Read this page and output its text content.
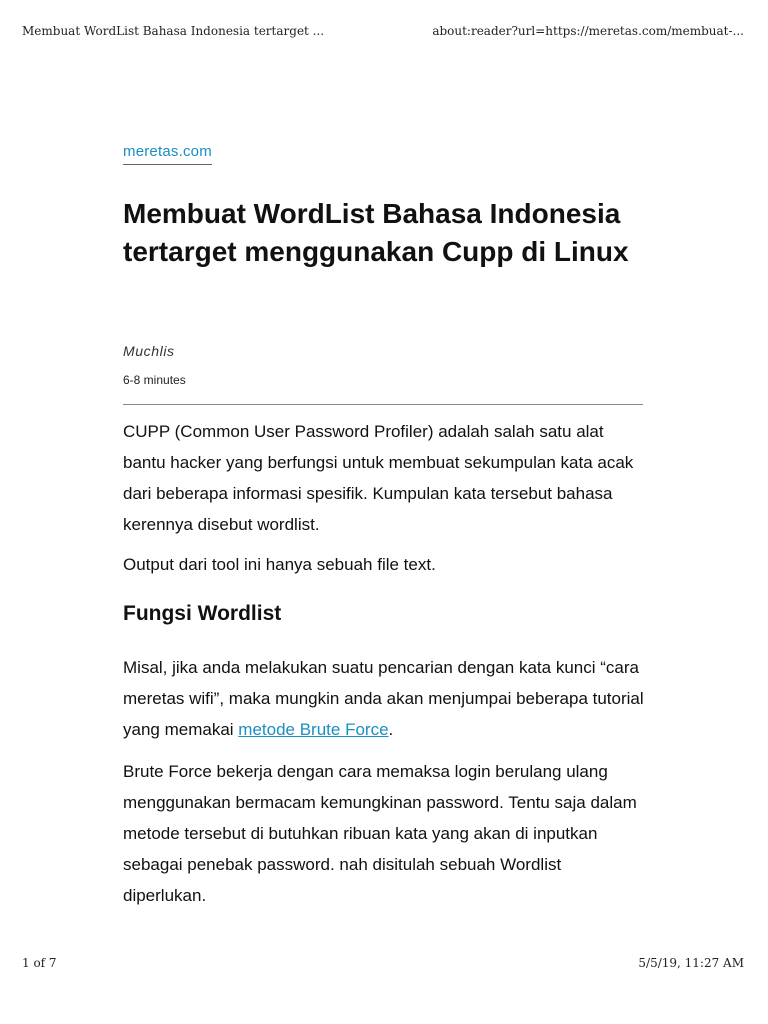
Membuat WordList Bahasa Indonesia tertarget ...	about:reader?url=https://meretas.com/membuat-...
meretas.com
Membuat WordList Bahasa Indonesia tertarget menggunakan Cupp di Linux
Muchlis
6-8 minutes

CUPP (Common User Password Profiler) adalah salah satu alat bantu hacker yang berfungsi untuk membuat sekumpulan kata acak dari beberapa informasi spesifik. Kumpulan kata tersebut bahasa kerennya disebut wordlist.

Output dari tool ini hanya sebuah file text.

Fungsi Wordlist

Misal, jika anda melakukan suatu pencarian dengan kata kunci “cara meretas wifi”, maka mungkin anda akan menjumpai beberapa tutorial yang memakai metode Brute Force.

Brute Force bekerja dengan cara memaksa login berulang ulang menggunakan bermacam kemungkinan password. Tentu saja dalam metode tersebut di butuhkan ribuan kata yang akan di inputkan sebagai penebak password. nah disitulah sebuah Wordlist diperlukan.

1 of 7	5/5/19, 11:27 AM
